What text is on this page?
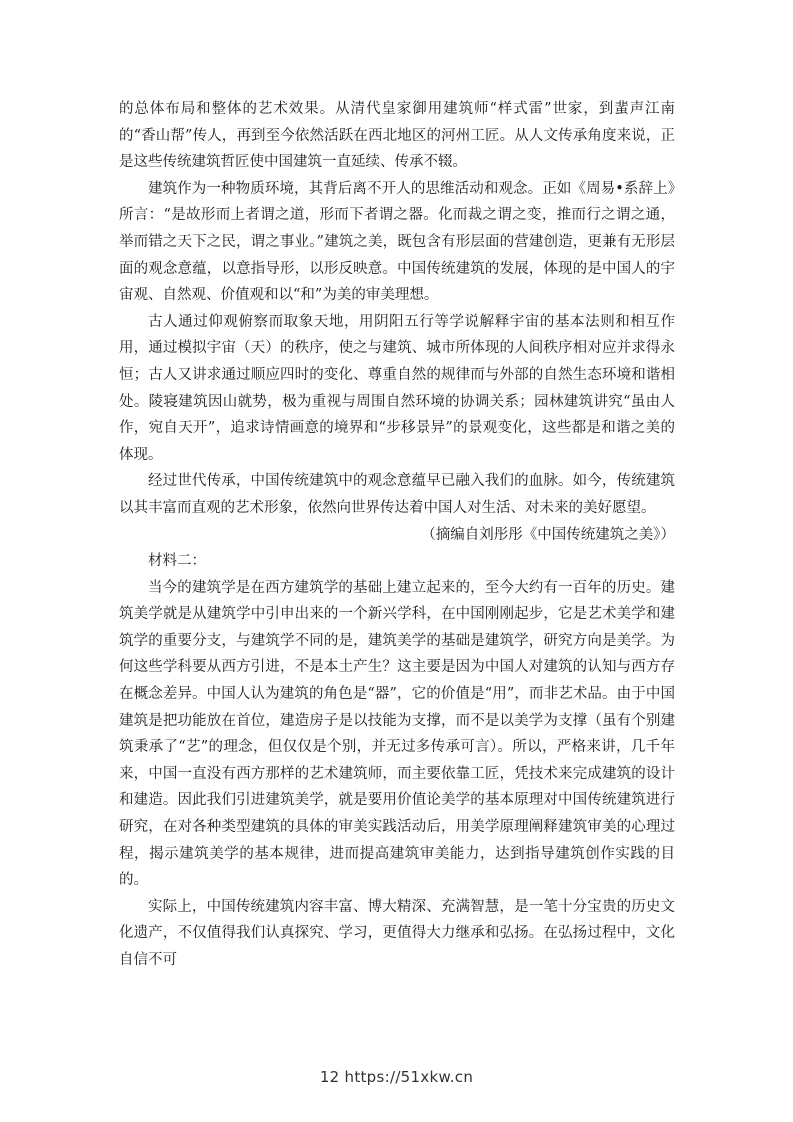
的总体布局和整体的艺术效果。从清代皇家御用建筑师“样式雷”世家，到蜚声江南的“香山帮”传人，再到至今依然活跃在西北地区的河州工匠。从人文传承角度来说，正是这些传统建筑哲匠使中国建筑一直延续、传承不辍。

建筑作为一种物质环境，其背后离不开人的思维活动和观念。正如《周易•系辞上》所言：“是故形而上者谓之道，形而下者谓之器。化而裁之谓之变，推而行之谓之通，举而错之天下之民，谓之事业。”建筑之美，既包含有形层面的营建创造，更兼有无形层面的观念意蕴，以意指导形，以形反映意。中国传统建筑的发展，体现的是中国人的宇宙观、自然观、价值观和以“和”为美的审美理想。

古人通过仰观俯察而取象天地，用阴阳五行等学说解释宇宙的基本法则和相互作用，通过模拟宇宙（天）的秩序，使之与建筑、城市所体现的人间秩序相对应并求得永恒；古人又讲求通过顺应四时的变化、尊重自然的规律而与外部的自然生态环境和谐相处。陵寝建筑因山就势，极为重视与周围自然环境的协调关系；园林建筑讲究“虽由人作，宛自天开”，追求诗情画意的境界和“步移景异”的景观变化，这些都是和谐之美的体现。

经过世代传承，中国传统建筑中的观念意蕴早已融入我们的血脉。如今，传统建筑以其丰富而直观的艺术形象，依然向世界传达着中国人对生活、对未来的美好愿望。

（摘编自刘彤彤《中国传统建筑之美》）

材料二：

当今的建筑学是在西方建筑学的基础上建立起来的，至今大约有一百年的历史。建筑美学就是从建筑学中引申出来的一个新兴学科，在中国刚刚起步，它是艺术美学和建筑学的重要分支，与建筑学不同的是，建筑美学的基础是建筑学，研究方向是美学。为何这些学科要从西方引进，不是本土产生？这主要是因为中国人对建筑的认知与西方存在概念差异。中国人认为建筑的角色是“器”，它的价值是“用”，而非艺术品。由于中国建筑是把功能放在首位，建造房子是以技能为支撑，而不是以美学为支撑（虽有个别建筑秉承了“艺”的理念，但仅仅是个别，并无过多传承可言）。所以，严格来讲，几千年来，中国一直没有西方那样的艺术建筑师，而主要依靠工匠，凭技术来完成建筑的设计和建造。因此我们引进建筑美学，就是要用价值论美学的基本原理对中国传统建筑进行研究，在对各种类型建筑的具体的审美实践活动后，用美学原理阐释建筑审美的心理过程，揭示建筑美学的基本规律，进而提高建筑审美能力，达到指导建筑创作实践的目的。

实际上，中国传统建筑内容丰富、博大精深、充满智慧，是一笔十分宝贵的历史文化遗产，不仅值得我们认真探究、学习，更值得大力继承和弘扬。在弘扬过程中，文化自信不可

12 https://51xkw.cn
